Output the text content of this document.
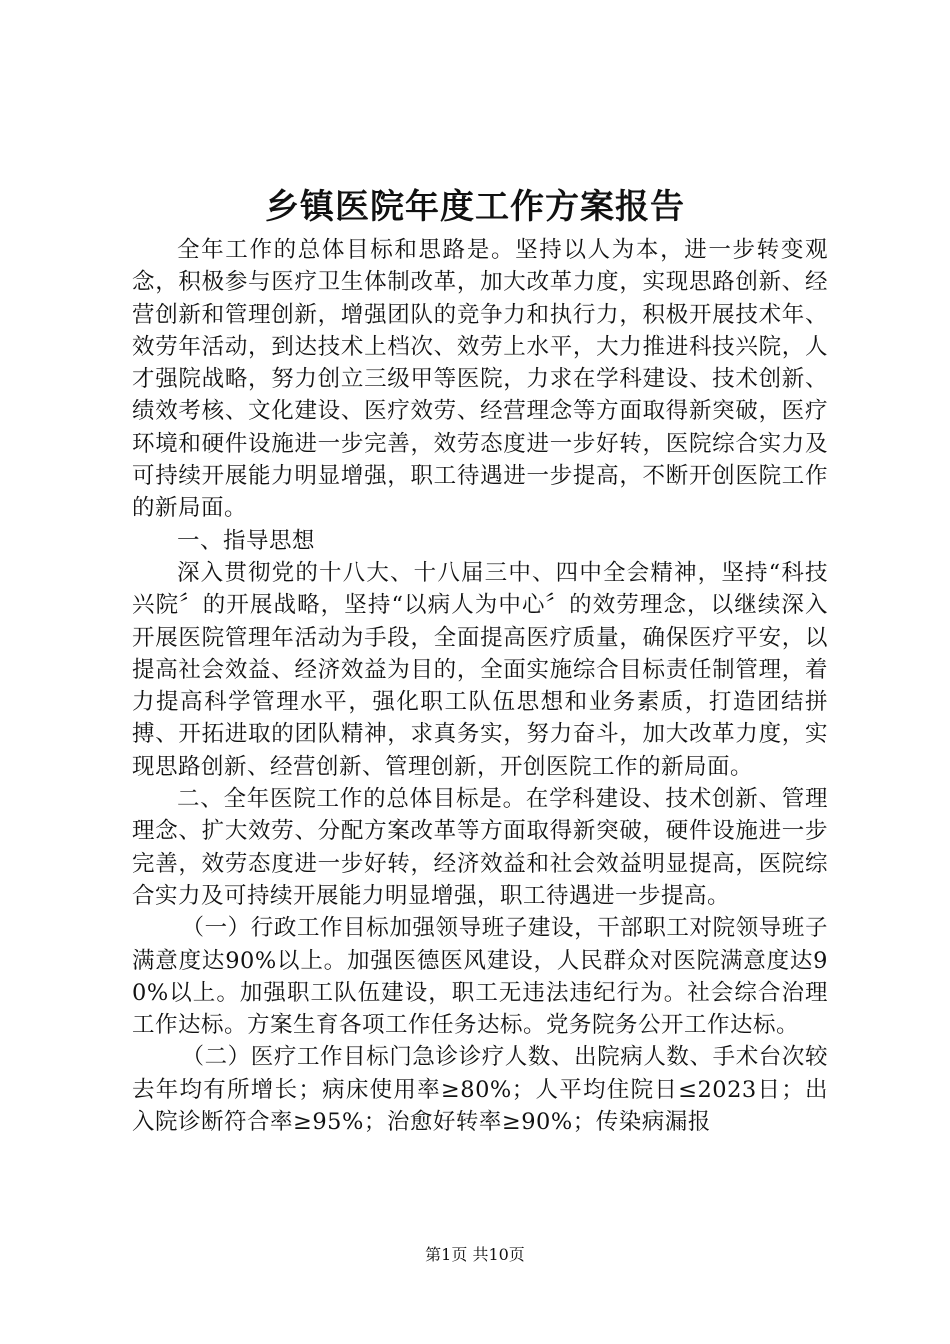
乡镇医院年度工作方案报告

全年工作的总体目标和思路是。坚持以人为本，进一步转变观念，积极参与医疗卫生体制改革，加大改革力度，实现思路创新、经营创新和管理创新，增强团队的竞争力和执行力，积极开展技术年、效劳年活动，到达技术上档次、效劳上水平，大力推进科技兴院，人才强院战略，努力创立三级甲等医院，力求在学科建设、技术创新、绩效考核、文化建设、医疗效劳、经营理念等方面取得新突破，医疗环境和硬件设施进一步完善，效劳态度进一步好转，医院综合实力及可持续开展能力明显增强，职工待遇进一步提高，不断开创医院工作的新局面。

一、指导思想

深入贯彻党的十八大、十八届三中、四中全会精神，坚持“科技兴院〞的开展战略，坚持“以病人为中心〞的效劳理念，以继续深入开展医院管理年活动为手段，全面提高医疗质量，确保医疗平安，以提高社会效益、经济效益为目的，全面实施综合目标责任制管理，着力提高科学管理水平，强化职工队伍思想和业务素质，打造团结拼搏、开拓进取的团队精神，求真务实，努力奋斗，加大改革力度，实现思路创新、经营创新、管理创新，开创医院工作的新局面。

二、全年医院工作的总体目标是。在学科建设、技术创新、管理理念、扩大效劳、分配方案改革等方面取得新突破，硬件设施进一步完善，效劳态度进一步好转，经济效益和社会效益明显提高，医院综合实力及可持续开展能力明显增强，职工待遇进一步提高。

（一）行政工作目标加强领导班子建设，干部职工对院领导班子满意度达90%以上。加强医德医风建设，人民群众对医院满意度达90%以上。加强职工队伍建设，职工无违法违纪行为。社会综合治理工作达标。方案生育各项工作任务达标。党务院务公开工作达标。

（二）医疗工作目标门急诊诊疗人数、出院病人数、手术台次较去年均有所增长；病床使用率≥80%；人平均住院日≤2023日；出入院诊断符合率≥95%；治愈好转率≥90%；传染病漏报

第1页 共10页
